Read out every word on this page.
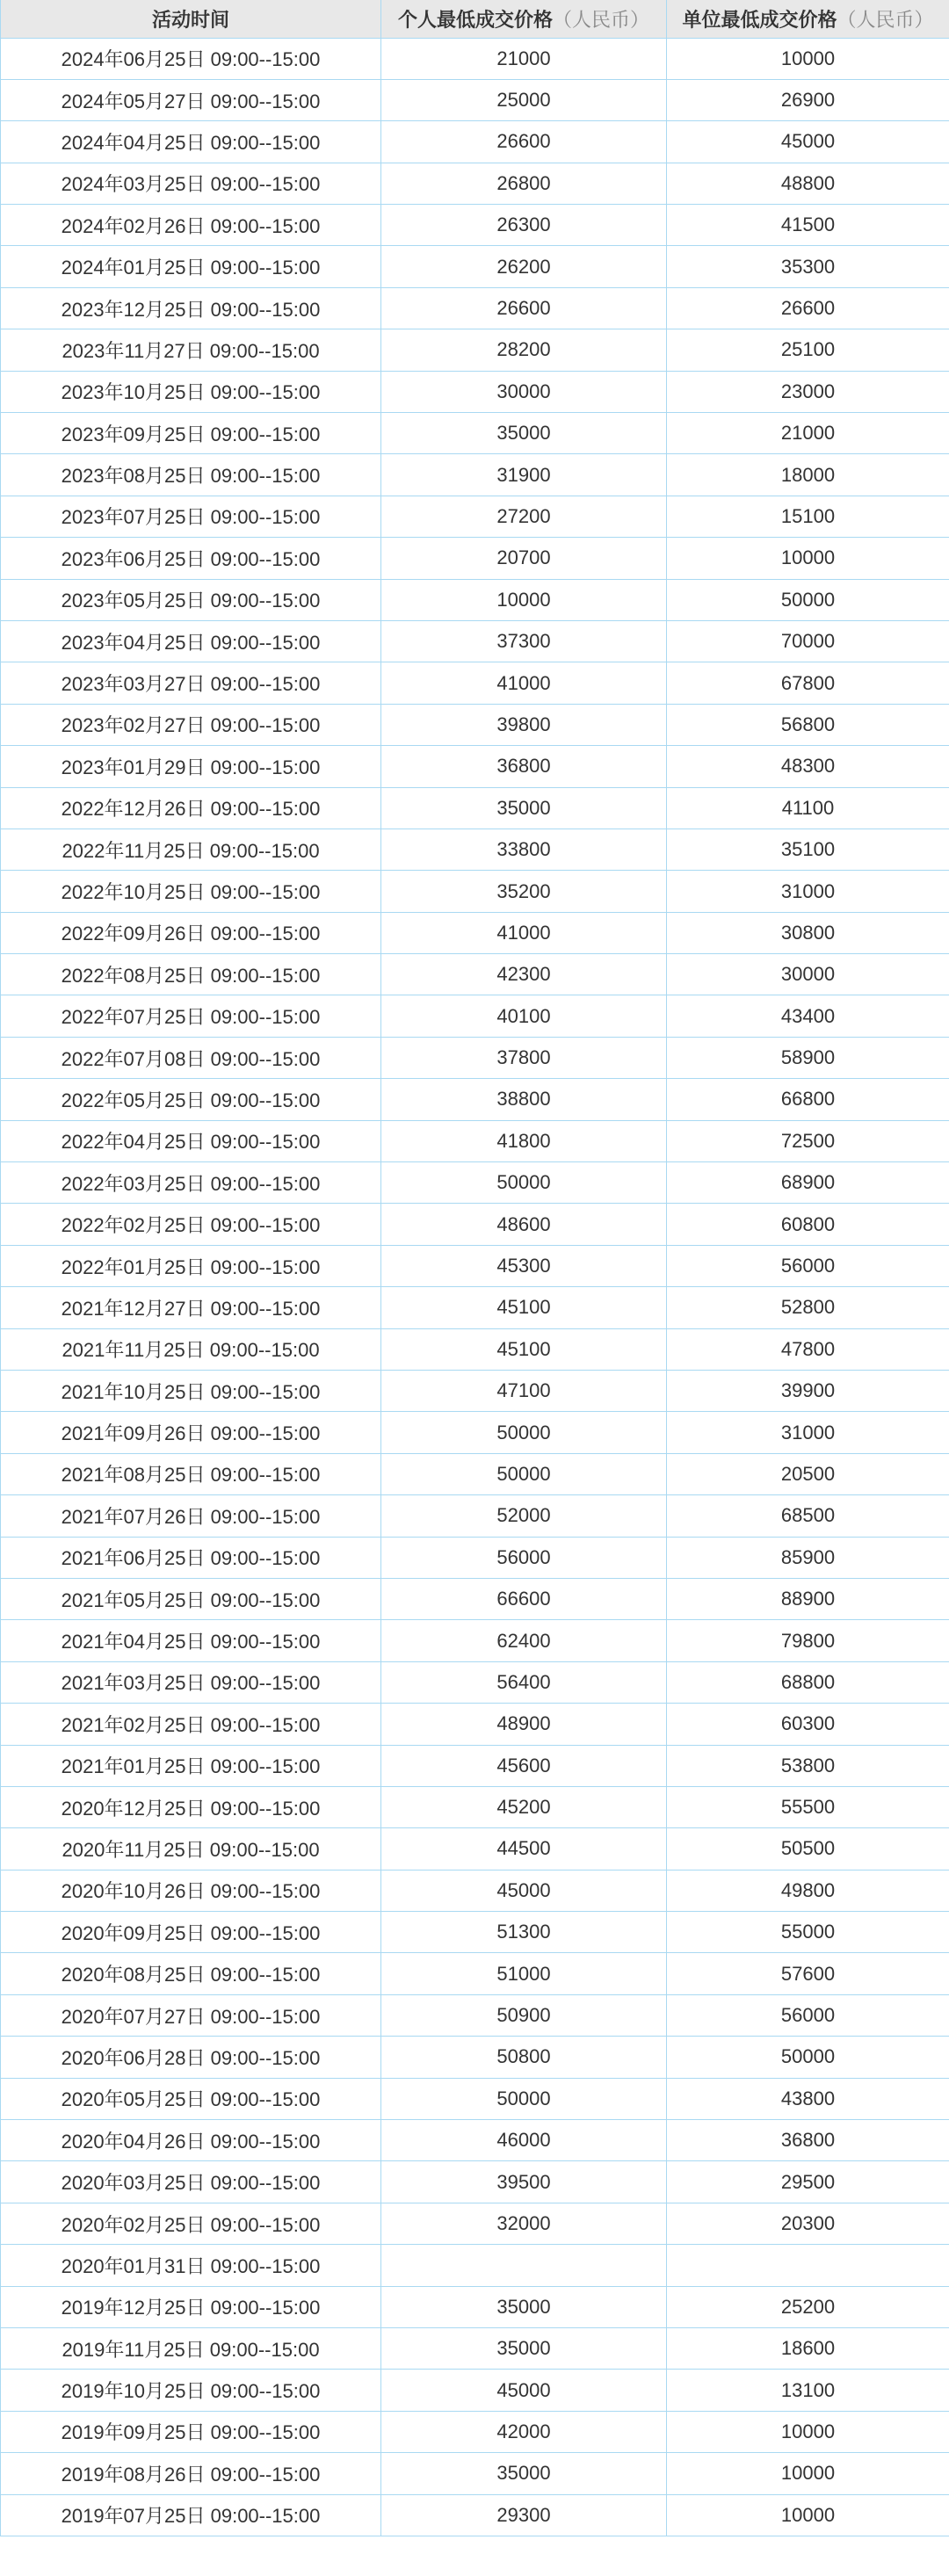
活动时间	个人最低成交价格（人民币）	单位最低成交价格（人民币）
2024年06月25日 09:00--15:00	21000	10000
2024年05月27日 09:00--15:00	25000	26900
2024年04月25日 09:00--15:00	26600	45000
2024年03月25日 09:00--15:00	26800	48800
2024年02月26日 09:00--15:00	26300	41500
2024年01月25日 09:00--15:00	26200	35300
2023年12月25日 09:00--15:00	26600	26600
2023年11月27日 09:00--15:00	28200	25100
2023年10月25日 09:00--15:00	30000	23000
2023年09月25日 09:00--15:00	35000	21000
2023年08月25日 09:00--15:00	31900	18000
2023年07月25日 09:00--15:00	27200	15100
2023年06月25日 09:00--15:00	20700	10000
2023年05月25日 09:00--15:00	10000	50000
2023年04月25日 09:00--15:00	37300	70000
2023年03月27日 09:00--15:00	41000	67800
2023年02月27日 09:00--15:00	39800	56800
2023年01月29日 09:00--15:00	36800	48300
2022年12月26日 09:00--15:00	35000	41100
2022年11月25日 09:00--15:00	33800	35100
2022年10月25日 09:00--15:00	35200	31000
2022年09月26日 09:00--15:00	41000	30800
2022年08月25日 09:00--15:00	42300	30000
2022年07月25日 09:00--15:00	40100	43400
2022年07月08日 09:00--15:00	37800	58900
2022年05月25日 09:00--15:00	38800	66800
2022年04月25日 09:00--15:00	41800	72500
2022年03月25日 09:00--15:00	50000	68900
2022年02月25日 09:00--15:00	48600	60800
2022年01月25日 09:00--15:00	45300	56000
2021年12月27日 09:00--15:00	45100	52800
2021年11月25日 09:00--15:00	45100	47800
2021年10月25日 09:00--15:00	47100	39900
2021年09月26日 09:00--15:00	50000	31000
2021年08月25日 09:00--15:00	50000	20500
2021年07月26日 09:00--15:00	52000	68500
2021年06月25日 09:00--15:00	56000	85900
2021年05月25日 09:00--15:00	66600	88900
2021年04月25日 09:00--15:00	62400	79800
2021年03月25日 09:00--15:00	56400	68800
2021年02月25日 09:00--15:00	48900	60300
2021年01月25日 09:00--15:00	45600	53800
2020年12月25日 09:00--15:00	45200	55500
2020年11月25日 09:00--15:00	44500	50500
2020年10月26日 09:00--15:00	45000	49800
2020年09月25日 09:00--15:00	51300	55000
2020年08月25日 09:00--15:00	51000	57600
2020年07月27日 09:00--15:00	50900	56000
2020年06月28日 09:00--15:00	50800	50000
2020年05月25日 09:00--15:00	50000	43800
2020年04月26日 09:00--15:00	46000	36800
2020年03月25日 09:00--15:00	39500	29500
2020年02月25日 09:00--15:00	32000	20300
2020年01月31日 09:00--15:00		
2019年12月25日 09:00--15:00	35000	25200
2019年11月25日 09:00--15:00	35000	18600
2019年10月25日 09:00--15:00	45000	13100
2019年09月25日 09:00--15:00	42000	10000
2019年08月26日 09:00--15:00	35000	10000
2019年07月25日 09:00--15:00	29300	10000
